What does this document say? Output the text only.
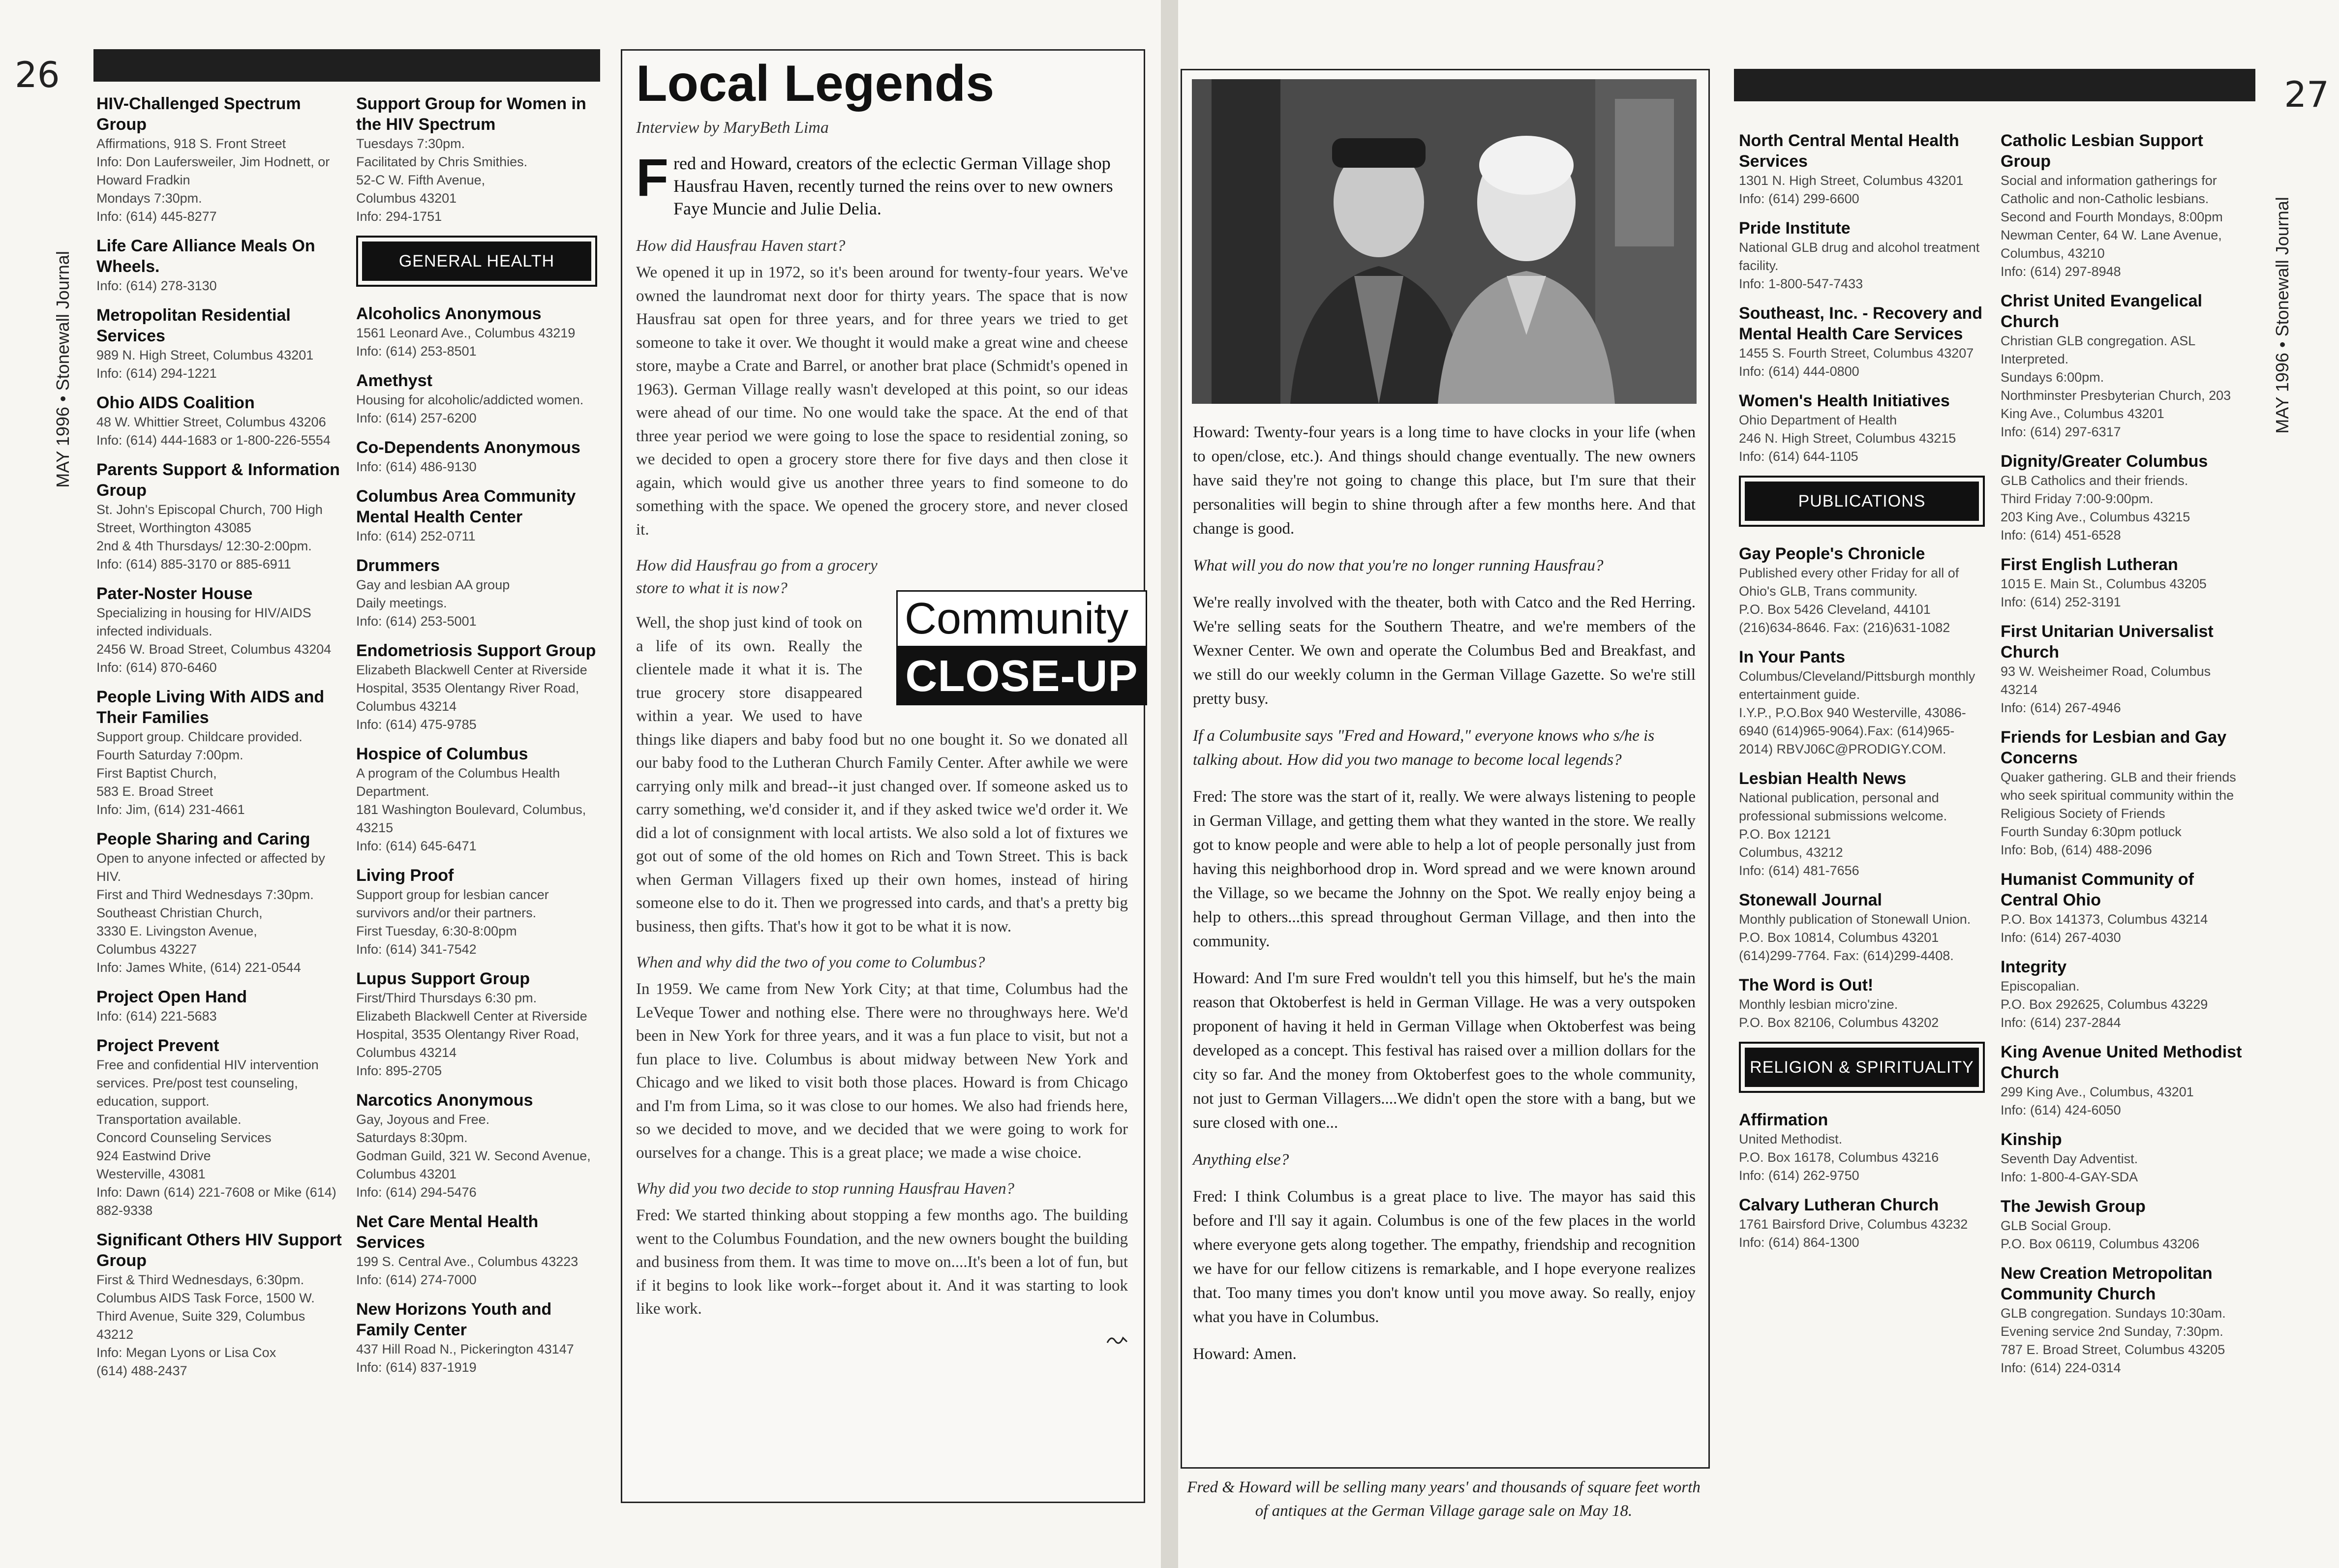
26
MAY 1996 • Stonewall Journal
HIV-Challenged Spectrum Group
Affirmations, 918 S. Front Street
Info: Don Laufersweiler, Jim Hodnett, or Howard Fradkin
Mondays 7:30pm.
Info: (614) 445-8277
Life Care Alliance Meals On Wheels.
Info: (614) 278-3130
Metropolitan Residential Services
989 N. High Street, Columbus 43201
Info: (614) 294-1221
Ohio AIDS Coalition
48 W. Whittier Street, Columbus 43206
Info: (614) 444-1683 or 1-800-226-5554
Parents Support & Information Group
St. John's Episcopal Church, 700 High Street, Worthington 43085
2nd & 4th Thursdays/ 12:30-2:00pm.
Info: (614) 885-3170 or 885-6911
Pater-Noster House
Specializing in housing for HIV/AIDS infected individuals.
2456 W. Broad Street, Columbus 43204
Info: (614) 870-6460
People Living With AIDS and Their Families
Support group. Childcare provided.
Fourth Saturday 7:00pm.
First Baptist Church,
583 E. Broad Street
Info: Jim, (614) 231-4661
People Sharing and Caring
Open to anyone infected or affected by HIV.
First and Third Wednesdays 7:30pm.
Southeast Christian Church,
3330 E. Livingston Avenue,
Columbus 43227
Info: James White, (614) 221-0544
Project Open Hand
Info: (614) 221-5683
Project Prevent
Free and confidential HIV intervention services. Pre/post test counseling, education, support.
Transportation available.
Concord Counseling Services
924 Eastwind Drive
Westerville, 43081
Info: Dawn (614) 221-7608 or Mike (614) 882-9338
Significant Others HIV Support Group
First & Third Wednesdays, 6:30pm.
Columbus AIDS Task Force, 1500 W. Third Avenue, Suite 329, Columbus 43212
Info: Megan Lyons or Lisa Cox
(614) 488-2437
Support Group for Women in the HIV Spectrum
Tuesdays 7:30pm.
Facilitated by Chris Smithies.
52-C W. Fifth Avenue,
Columbus 43201
Info: 294-1751
GENERAL HEALTH
Alcoholics Anonymous
1561 Leonard Ave., Columbus 43219
Info: (614) 253-8501
Amethyst
Housing for alcoholic/addicted women.
Info: (614) 257-6200
Co-Dependents Anonymous
Info: (614) 486-9130
Columbus Area Community Mental Health Center
Info: (614) 252-0711
Drummers
Gay and lesbian AA group
Daily meetings.
Info: (614) 253-5001
Endometriosis Support Group
Elizabeth Blackwell Center at Riverside Hospital, 3535 Olentangy River Road, Columbus 43214
Info: (614) 475-9785
Hospice of Columbus
A program of the Columbus Health Department.
181 Washington Boulevard, Columbus, 43215
Info: (614) 645-6471
Living Proof
Support group for lesbian cancer survivors and/or their partners.
First Tuesday, 6:30-8:00pm
Info: (614) 341-7542
Lupus Support Group
First/Third Thursdays 6:30 pm.
Elizabeth Blackwell Center at Riverside Hospital, 3535 Olentangy River Road, Columbus 43214
Info: 895-2705
Narcotics Anonymous
Gay, Joyous and Free.
Saturdays 8:30pm.
Godman Guild, 321 W. Second Avenue, Columbus 43201
Info: (614) 294-5476
Net Care Mental Health Services
199 S. Central Ave., Columbus 43223
Info: (614) 274-7000
New Horizons Youth and Family Center
437 Hill Road N., Pickerington 43147
Info: (614) 837-1919
Local Legends
Interview by MaryBeth Lima
Fred and Howard, creators of the eclectic German Village shop Hausfrau Haven, recently turned the reins over to new owners Faye Muncie and Julie Delia.
How did Hausfrau Haven start?
We opened it up in 1972, so it's been around for twenty-four years. We've owned the laundromat next door for thirty years. The space that is now Hausfrau sat open for three years, and for three years we tried to get someone to take it over. We thought it would make a great wine and cheese store, maybe a Crate and Barrel, or another brat place (Schmidt's opened in 1963). German Village really wasn't developed at this point, so our ideas were ahead of our time. No one would take the space. At the end of that three year period we were going to lose the space to residential zoning, so we decided to open a grocery store there for five days and then close it again, which would give us another three years to find someone to do something with the space. We opened the grocery store, and never closed it.
How did Hausfrau go from a grocery store to what it is now?
Well, the shop just kind of took on a life of its own. Really the clientele made it what it is. The true grocery store disappeared within a year. We used to have things like diapers and baby food but no one bought it. So we donated all our baby food to the Lutheran Church Family Center. After awhile we were carrying only milk and bread--it just changed over. If someone asked us to carry something, we'd consider it, and if they asked twice we'd order it. We did a lot of consignment with local artists. We also sold a lot of fixtures we got out of some of the old homes on Rich and Town Street. This is back when German Villagers fixed up their own homes, instead of hiring someone else to do it. Then we progressed into cards, and that's a pretty big business, then gifts. That's how it got to be what it is now.
When and why did the two of you come to Columbus?
In 1959. We came from New York City; at that time, Columbus had the LeVeque Tower and nothing else. There were no throughways here. We'd been in New York for three years, and it was a fun place to visit, but not a fun place to live. Columbus is about midway between New York and Chicago and we liked to visit both those places. Howard is from Chicago and I'm from Lima, so it was close to our homes. We also had friends here, so we decided to move, and we decided that we were going to work for ourselves for a change. This is a great place; we made a wise choice.
Why did you two decide to stop running Hausfrau Haven?
Fred: We started thinking about stopping a few months ago. The building went to the Columbus Foundation, and the new owners bought the building and business from them. It was time to move on....It's been a lot of fun, but if it begins to look like work--forget about it. And it was starting to look like work.
Community
CLOSE-UP
27
MAY 1996 • Stonewall Journal
Howard: Twenty-four years is a long time to have clocks in your life (when to open/close, etc.). And things should change eventually. The new owners have said they're not going to change this place, but I'm sure that their personalities will begin to shine through after a few months here. And that change is good.
What will you do now that you're no longer running Hausfrau?
We're really involved with the theater, both with Catco and the Red Herring. We're selling seats for the Southern Theatre, and we're members of the Wexner Center. We own and operate the Columbus Bed and Breakfast, and we still do our weekly column in the German Village Gazette. So we're still pretty busy.
If a Columbusite says "Fred and Howard," everyone knows who s/he is talking about. How did you two manage to become local legends?
Fred: The store was the start of it, really. We were always listening to people in German Village, and getting them what they wanted in the store. We really got to know people and were able to help a lot of people personally just from having this neighborhood drop in. Word spread and we were known around the Village, so we became the Johnny on the Spot. We really enjoy being a help to others...this spread throughout German Village, and then into the community.
Howard: And I'm sure Fred wouldn't tell you this himself, but he's the main reason that Oktoberfest is held in German Village. He was a very outspoken proponent of having it held in German Village when Oktoberfest was being developed as a concept. This festival has raised over a million dollars for the city so far. And the money from Oktoberfest goes to the whole community, not just to German Villagers....We didn't open the store with a bang, but we sure closed with one...
Anything else?
Fred: I think Columbus is a great place to live. The mayor has said this before and I'll say it again. Columbus is one of the few places in the world where everyone gets along together. The empathy, friendship and recognition we have for our fellow citizens is remarkable, and I hope everyone realizes that. Too many times you don't know until you move away. So really, enjoy what you have in Columbus.
Howard: Amen.
Fred & Howard will be selling many years' and thousands of square feet worth of antiques at the German Village garage sale on May 18.
North Central Mental Health Services
1301 N. High Street, Columbus 43201
Info: (614) 299-6600
Pride Institute
National GLB drug and alcohol treatment facility.
Info: 1-800-547-7433
Southeast, Inc. - Recovery and Mental Health Care Services
1455 S. Fourth Street, Columbus 43207
Info: (614) 444-0800
Women's Health Initiatives
Ohio Department of Health
246 N. High Street, Columbus 43215
Info: (614) 644-1105
PUBLICATIONS
Gay People's Chronicle
Published every other Friday for all of Ohio's GLB, Trans community.
P.O. Box 5426 Cleveland, 44101
(216)634-8646. Fax: (216)631-1082
In Your Pants
Columbus/Cleveland/Pittsburgh monthly entertainment guide.
I.Y.P., P.O.Box 940 Westerville, 43086-6940 (614)965-9064).Fax: (614)965-2014) RBVJ06C@PRODIGY.COM.
Lesbian Health News
National publication, personal and professional submissions welcome.
P.O. Box 12121
Columbus, 43212
Info: (614) 481-7656
Stonewall Journal
Monthly publication of Stonewall Union.
P.O. Box 10814, Columbus 43201
(614)299-7764. Fax: (614)299-4408.
The Word is Out!
Monthly lesbian micro'zine.
P.O. Box 82106, Columbus 43202
RELIGION & SPIRITUALITY
Affirmation
United Methodist.
P.O. Box 16178, Columbus 43216
Info: (614) 262-9750
Calvary Lutheran Church
1761 Bairsford Drive, Columbus 43232
Info: (614) 864-1300
Catholic Lesbian Support Group
Social and information gatherings for Catholic and non-Catholic lesbians.
Second and Fourth Mondays, 8:00pm
Newman Center, 64 W. Lane Avenue, Columbus, 43210
Info: (614) 297-8948
Christ United Evangelical Church
Christian GLB congregation. ASL Interpreted.
Sundays 6:00pm.
Northminster Presbyterian Church, 203 King Ave., Columbus 43201
Info: (614) 297-6317
Dignity/Greater Columbus
GLB Catholics and their friends.
Third Friday 7:00-9:00pm.
203 King Ave., Columbus 43215
Info: (614) 451-6528
First English Lutheran
1015 E. Main St., Columbus 43205
Info: (614) 252-3191
First Unitarian Universalist Church
93 W. Weisheimer Road, Columbus 43214
Info: (614) 267-4946
Friends for Lesbian and Gay Concerns
Quaker gathering. GLB and their friends who seek spiritual community within the Religious Society of Friends
Fourth Sunday 6:30pm potluck
Info: Bob, (614) 488-2096
Humanist Community of Central Ohio
P.O. Box 141373, Columbus 43214
Info: (614) 267-4030
Integrity
Episcopalian.
P.O. Box 292625, Columbus 43229
Info: (614) 237-2844
King Avenue United Methodist Church
299 King Ave., Columbus, 43201
Info: (614) 424-6050
Kinship
Seventh Day Adventist.
Info: 1-800-4-GAY-SDA
The Jewish Group
GLB Social Group.
P.O. Box 06119, Columbus 43206
New Creation Metropolitan Community Church
GLB congregation. Sundays 10:30am.
Evening service 2nd Sunday, 7:30pm.
787 E. Broad Street, Columbus 43205
Info: (614) 224-0314
